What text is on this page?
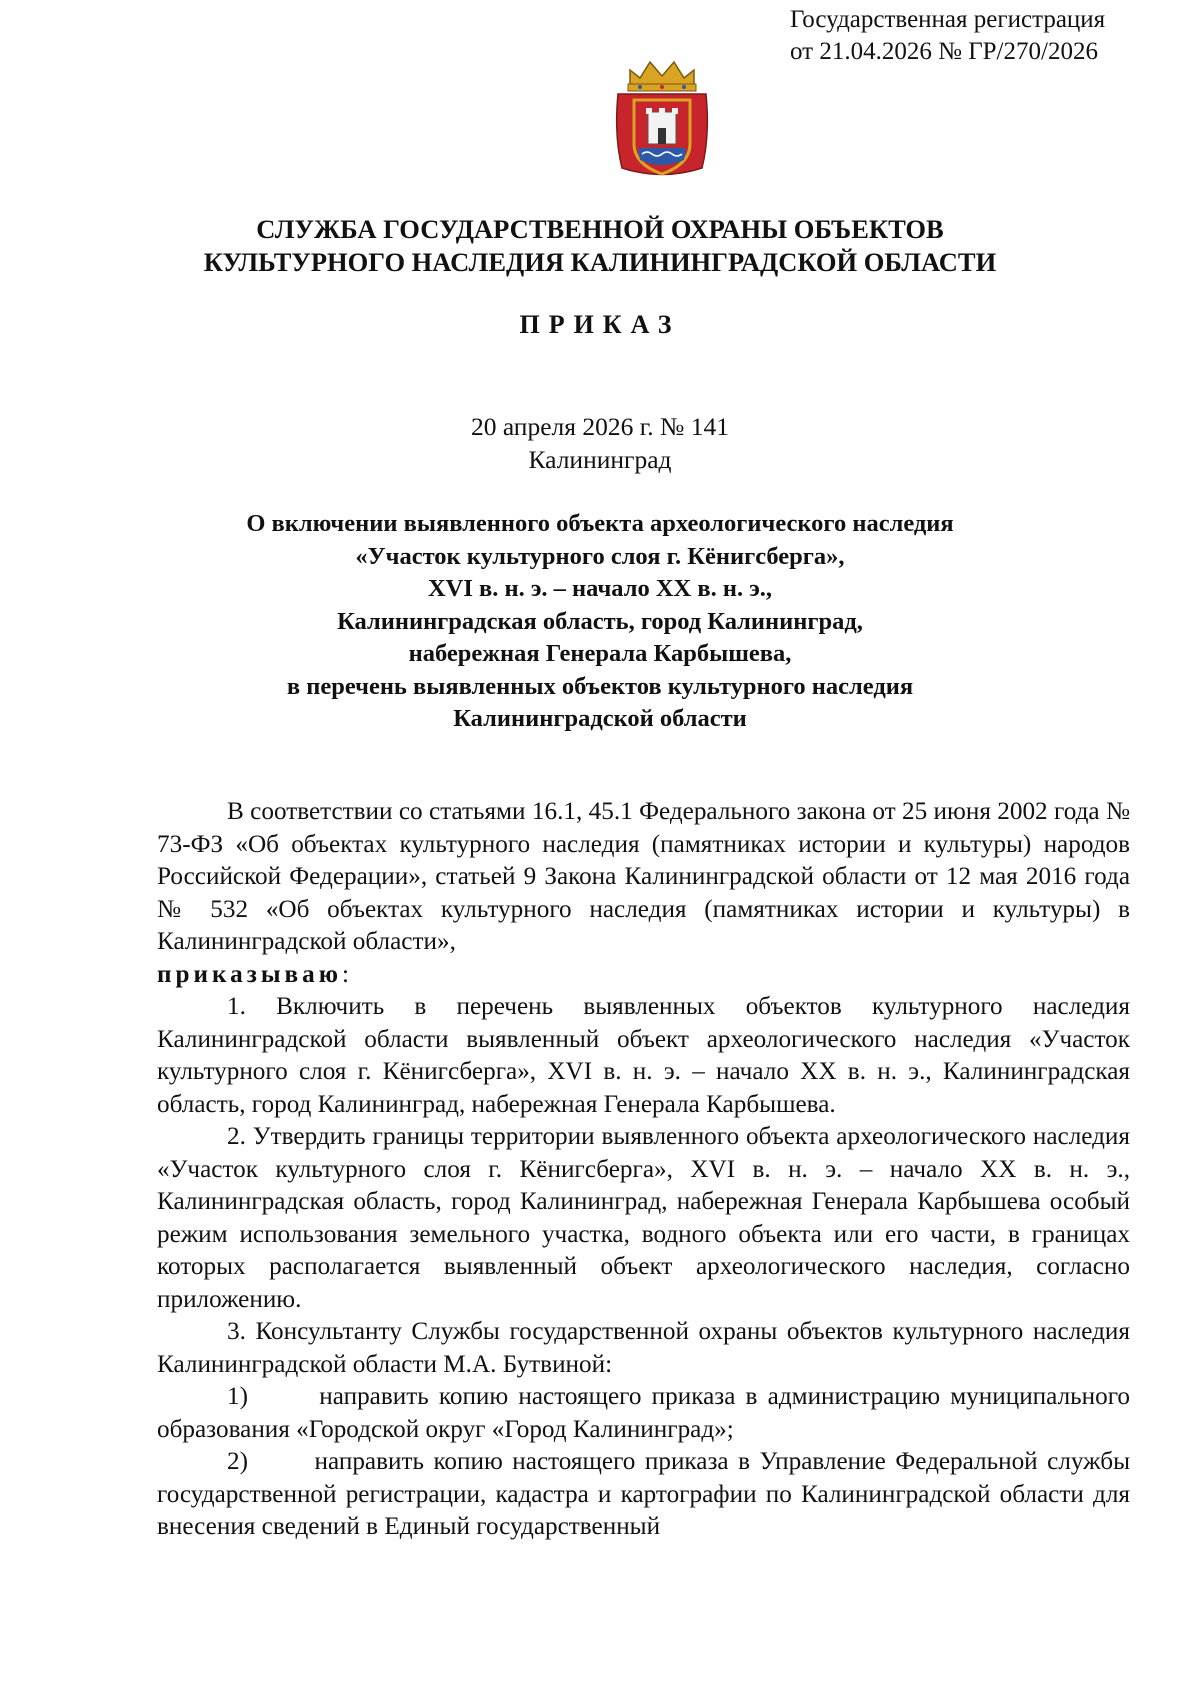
Государственная регистрация
от 21.04.2026 № ГР/270/2026
СЛУЖБА ГОСУДАРСТВЕННОЙ ОХРАНЫ ОБЪЕКТОВ
КУЛЬТУРНОГО НАСЛЕДИЯ КАЛИНИНГРАДСКОЙ ОБЛАСТИ
ПРИКАЗ
20 апреля 2026 г. № 141
Калининград
О включении выявленного объекта археологического наследия
«Участок культурного слоя г. Кёнигсберга»,
XVI в. н. э. – начало XX в. н. э.,
Калининградская область, город Калининград,
набережная Генерала Карбышева,
в перечень выявленных объектов культурного наследия
Калининградской области

В соответствии со статьями 16.1, 45.1 Федерального закона от 25 июня 2002 года № 73-ФЗ «Об объектах культурного наследия (памятниках истории и культуры) народов Российской Федерации», статьей 9 Закона Калининградской области от 12 мая 2016 года № 532 «Об объектах культурного наследия (памятниках истории и культуры) в Калининградской области»,

приказываю:

1. Включить в перечень выявленных объектов культурного наследия Калининградской области выявленный объект археологического наследия «Участок культурного слоя г. Кёнигсберга», XVI в. н. э. – начало XX в. н. э., Калининградская область, город Калининград, набережная Генерала Карбышева.

2. Утвердить границы территории выявленного объекта археологического наследия «Участок культурного слоя г. Кёнигсберга», XVI в. н. э. – начало XX в. н. э., Калининградская область, город Калининград, набережная Генерала Карбышева особый режим использования земельного участка, водного объекта или его части, в границах которых располагается выявленный объект археологического наследия, согласно приложению.

3. Консультанту Службы государственной охраны объектов культурного наследия Калининградской области М.А. Бутвиной:

1)       направить копию настоящего приказа в администрацию муниципального образования «Городской округ «Город Калининград»;

2)       направить копию настоящего приказа в Управление Федеральной службы государственной регистрации, кадастра и картографии по Калининградской области для внесения сведений в Единый государственный
